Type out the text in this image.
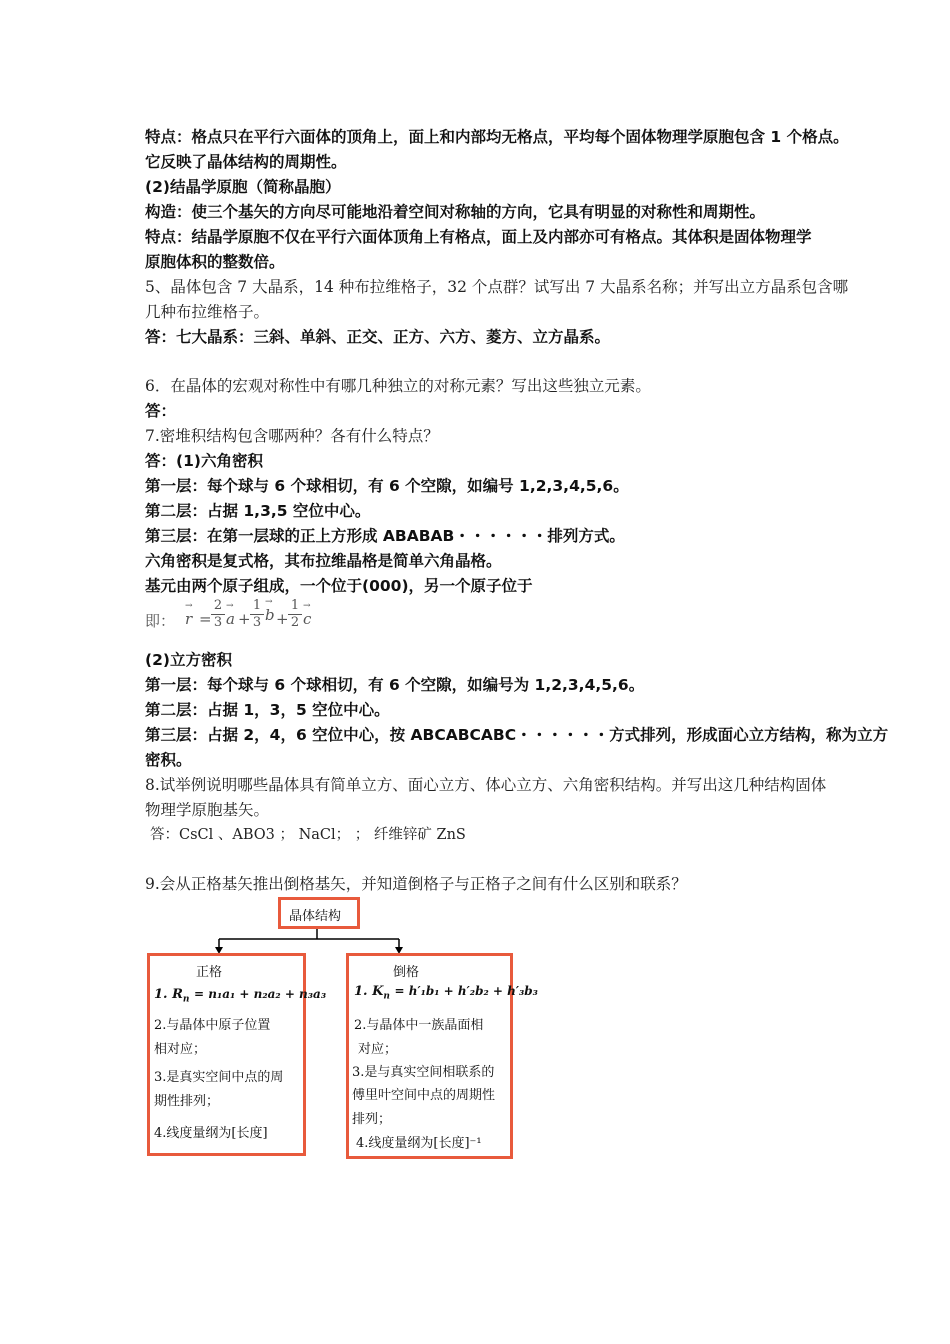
特点：格点只在平行六面体的顶角上，面上和内部均无格点，平均每个固体物理学原胞包含 1 个格点。
它反映了晶体结构的周期性。
(2)结晶学原胞（简称晶胞）
构造：使三个基矢的方向尽可能地沿着空间对称轴的方向，它具有明显的对称性和周期性。
特点：结晶学原胞不仅在平行六面体顶角上有格点，面上及内部亦可有格点。其体积是固体物理学
原胞体积的整数倍。
5、晶体包含 7 大晶系，14 种布拉维格子，32 个点群？试写出 7 大晶系名称；并写出立方晶系包含哪
几种布拉维格子。
答：七大晶系：三斜、单斜、正交、正方、六方、菱方、立方晶系。
6．在晶体的宏观对称性中有哪几种独立的对称元素？写出这些独立元素。
答：
7.密堆积结构包含哪两种？各有什么特点？
答：(1)六角密积
第一层：每个球与 6 个球相切，有 6 个空隙，如编号 1,2,3,4,5,6。
第二层：占据 1,3,5 空位中心。
第三层：在第一层球的正上方形成 ABABAB・・・・・・排列方式。
六角密积是复式格，其布拉维晶格是简单六角晶格。
基元由两个原子组成，一个位于(000)，另一个原子位于
即：
→
r =
2
3
→
a +
1
3
→
b +
1
2
→
c
(2)立方密积
第一层：每个球与 6 个球相切，有 6 个空隙，如编号为 1,2,3,4,5,6。
第二层：占据 1，3，5 空位中心。
第三层：占据 2，4，6 空位中心，按 ABCABCABC・・・・・・方式排列，形成面心立方结构，称为立方
密积。
8.试举例说明哪些晶体具有简单立方、面心立方、体心立方、六角密积结构。并写出这几种结构固体
物理学原胞基矢。
答：CsCl 、ABO3 ； NaCl； ； 纤维锌矿 ZnS
9.会从正格基矢推出倒格基矢，并知道倒格子与正格子之间有什么区别和联系？
晶体结构
正格
1. $R_n = n_1a_1 + n_2a_2 + n_3a_3$
2.与晶体中原子位置
相对应；
3.是真实空间中点的周
期性排列；
4.线度量纲为[长度]
倒格
1. $K_n = h'_1b_1 + h'_2b_2 + h'_3b_3$
2.与晶体中一族晶面相
对应；
3.是与真实空间相联系的
傅里叶空间中点的周期性
排列；
4.线度量纲为[长度]⁻¹
